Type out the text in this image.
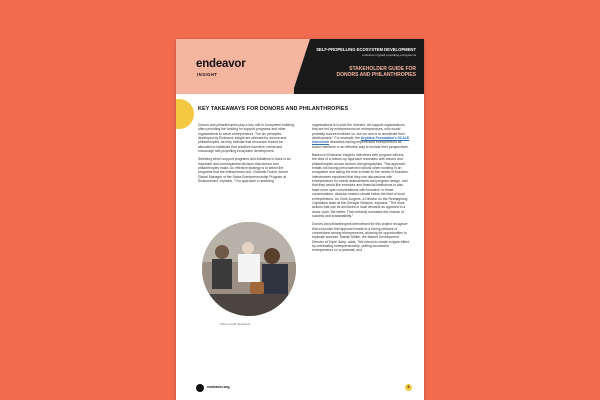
endeavor
INSIGHT
SELF-PROPELLING ECOSYSTEM DEVELOPMENT
endeavor.org/self-propelling-ecosystems
STAKEHOLDER GUIDE FOR
DONORS AND PHILANTHROPIES
KEY TAKEAWAYS FOR DONORS AND PHILANTHROPIES

Donors and philanthropies play a key role in ecosystem building, often providing the funding for support programs and other organizations to serve entrepreneurs. The six principles developed by Endeavor Insight are relevant for donors and philanthropies, as they indicate that resources should be allocated to initiatives that prioritize founders' needs and encourage self-propelling ecosystem development.

Selecting which support programs and initiatives to back is an important and consequential decision that donors and philanthropies make. An effective strategy is to select the programs that are entrepreneur-led. Charlotte Dutrut, former Global Manager of the Swiss Entrepreneurship Program at Swisscontact, explains, "Our approach in selecting

Photo credit: Endeavor

organizations is to pick the 'winners' we support organizations that are led by entrepreneurs for entrepreneurs, who would probably succeed without us, but our aim is to accelerate their development." For example, the Argidius Foundation's SCALE framework describes having experienced entrepreneurs as board members or an effective way to include their perspectives.

Based on Endeavor Insight's interviews with program officers, the idea of a bottom-up approach resonates with donors and philanthropies across sectors and geographies. This approach entails not having preconceived notions when working in an ecosystem and taking the time to listen to the needs of founders. Interviewees explained that they use discussions with entrepreneurs for needs assessments and program design, and that they would like investors and financial institutions to also have more open conversations with founders. In these conversations, decision makers should follow the lead of local entrepreneurs. As Chris Jurgens, a Director on the Reimagining Capitalism team at the Omidyar Network, explains, "The more actions that can be anchored in local demand as opposed to a donor push, the better. That certainly increases the chance of success and sustainability."

Donors and philanthropies interviewed for this project recognize that a founder-first approach leads to a strong network of connections among entrepreneurs, allowing for opportunities to replicate success. Mamie Müller, the Market Development Director at Triple Jump, adds, "We intend to create a ripple effect by celebrating entrepreneurship, putting successful entrepreneurs on a pedestal, and

endeavor.org	9
